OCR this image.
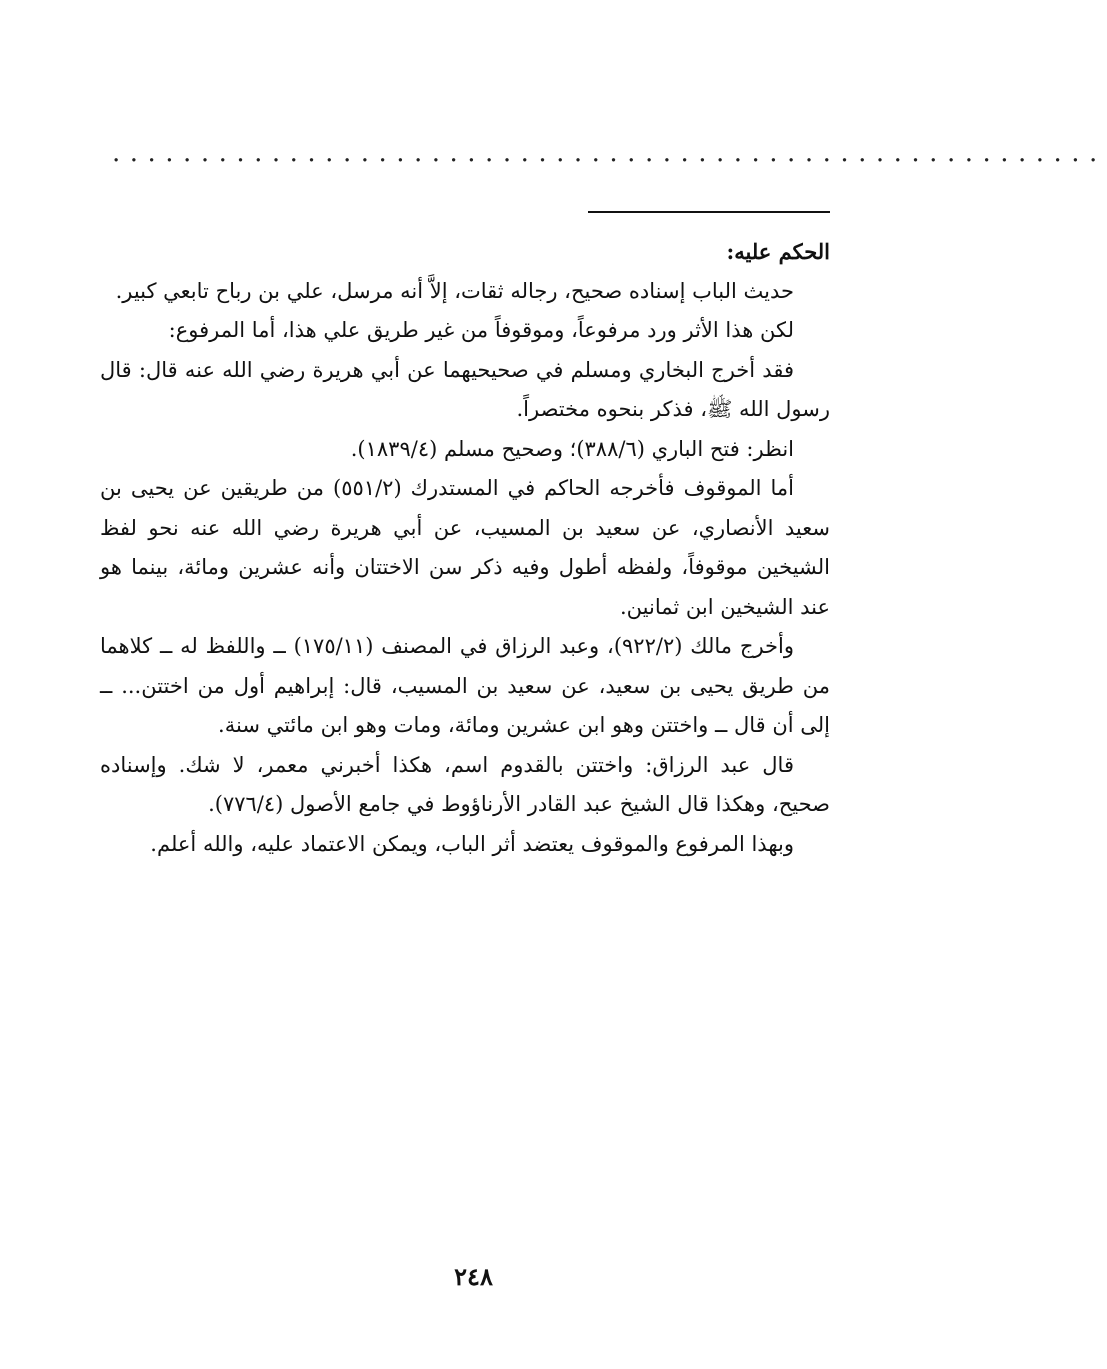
........................................................

الحكم عليه:

حديث الباب إسناده صحيح، رجاله ثقات، إلاَّ أنه مرسل، علي بن رباح تابعي كبير.

لكن هذا الأثر ورد مرفوعاً، وموقوفاً من غير طريق علي هذا، أما المرفوع:

فقد أخرج البخاري ومسلم في صحيحيهما عن أبي هريرة رضي الله عنه قال: قال رسول الله ﷺ، فذكر بنحوه مختصراً.

انظر: فتح الباري (٣٨٨/٦)؛ وصحيح مسلم (١٨٣٩/٤).

أما الموقوف فأخرجه الحاكم في المستدرك (٥٥١/٢) من طريقين عن يحيى بن سعيد الأنصاري، عن سعيد بن المسيب، عن أبي هريرة رضي الله عنه نحو لفظ الشيخين موقوفاً، ولفظه أطول وفيه ذكر سن الاختتان وأنه عشرين ومائة، بينما هو عند الشيخين ابن ثمانين.

وأخرج مالك (٩٢٢/٢)، وعبد الرزاق في المصنف (١٧٥/١١) ــ واللفظ له ــ كلاهما من طريق يحيى بن سعيد، عن سعيد بن المسيب، قال: إبراهيم أول من اختتن... ــ إلى أن قال ــ واختتن وهو ابن عشرين ومائة، ومات وهو ابن مائتي سنة.

قال عبد الرزاق: واختتن بالقدوم اسم، هكذا أخبرني معمر، لا شك. وإسناده صحيح، وهكذا قال الشيخ عبد القادر الأرناؤوط في جامع الأصول (٧٧٦/٤).

وبهذا المرفوع والموقوف يعتضد أثر الباب، ويمكن الاعتماد عليه، والله أعلم.

٢٤٨
